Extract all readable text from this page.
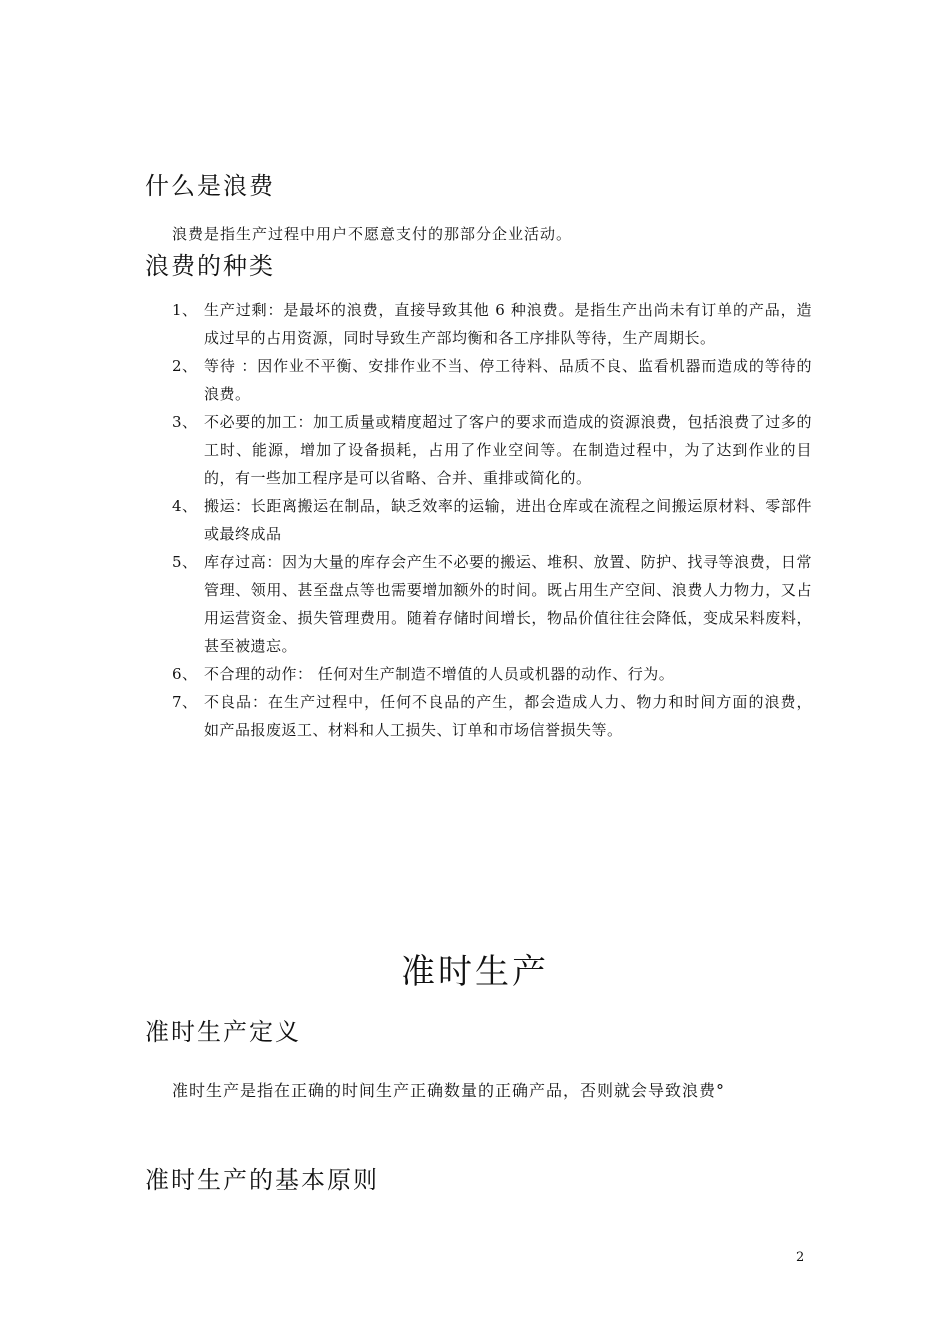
什么是浪费

浪费是指生产过程中用户不愿意支付的那部分企业活动。

浪费的种类
1、 生产过剩：是最坏的浪费，直接导致其他 6 种浪费。是指生产出尚未有订单的产品，造成过早的占用资源，同时导致生产部均衡和各工序排队等待，生产周期长。
2、 等待 ：因作业不平衡、安排作业不当、停工待料、品质不良、监看机器而造成的等待的浪费。
3、 不必要的加工：加工质量或精度超过了客户的要求而造成的资源浪费，包括浪费了过多的工时、能源，增加了设备损耗，占用了作业空间等。在制造过程中，为了达到作业的目的，有一些加工程序是可以省略、合并、重排或简化的。
4、 搬运：长距离搬运在制品，缺乏效率的运输，进出仓库或在流程之间搬运原材料、零部件或最终成品
5、 库存过高：因为大量的库存会产生不必要的搬运、堆积、放置、防护、找寻等浪费，日常管理、领用、甚至盘点等也需要增加额外的时间。既占用生产空间、浪费人力物力，又占用运营资金、损失管理费用。随着存储时间增长，物品价值往往会降低，变成呆料废料，甚至被遗忘。
6、 不合理的动作： 任何对生产制造不增值的人员或机器的动作、行为。
7、 不良品：在生产过程中，任何不良品的产生，都会造成人力、物力和时间方面的浪费， 如产品报废返工、材料和人工损失、订单和市场信誉损失等。
准时生产
准时生产定义

准时生产是指在正确的时间生产正确数量的正确产品，否则就会导致浪费°

准时生产的基本原则
2
